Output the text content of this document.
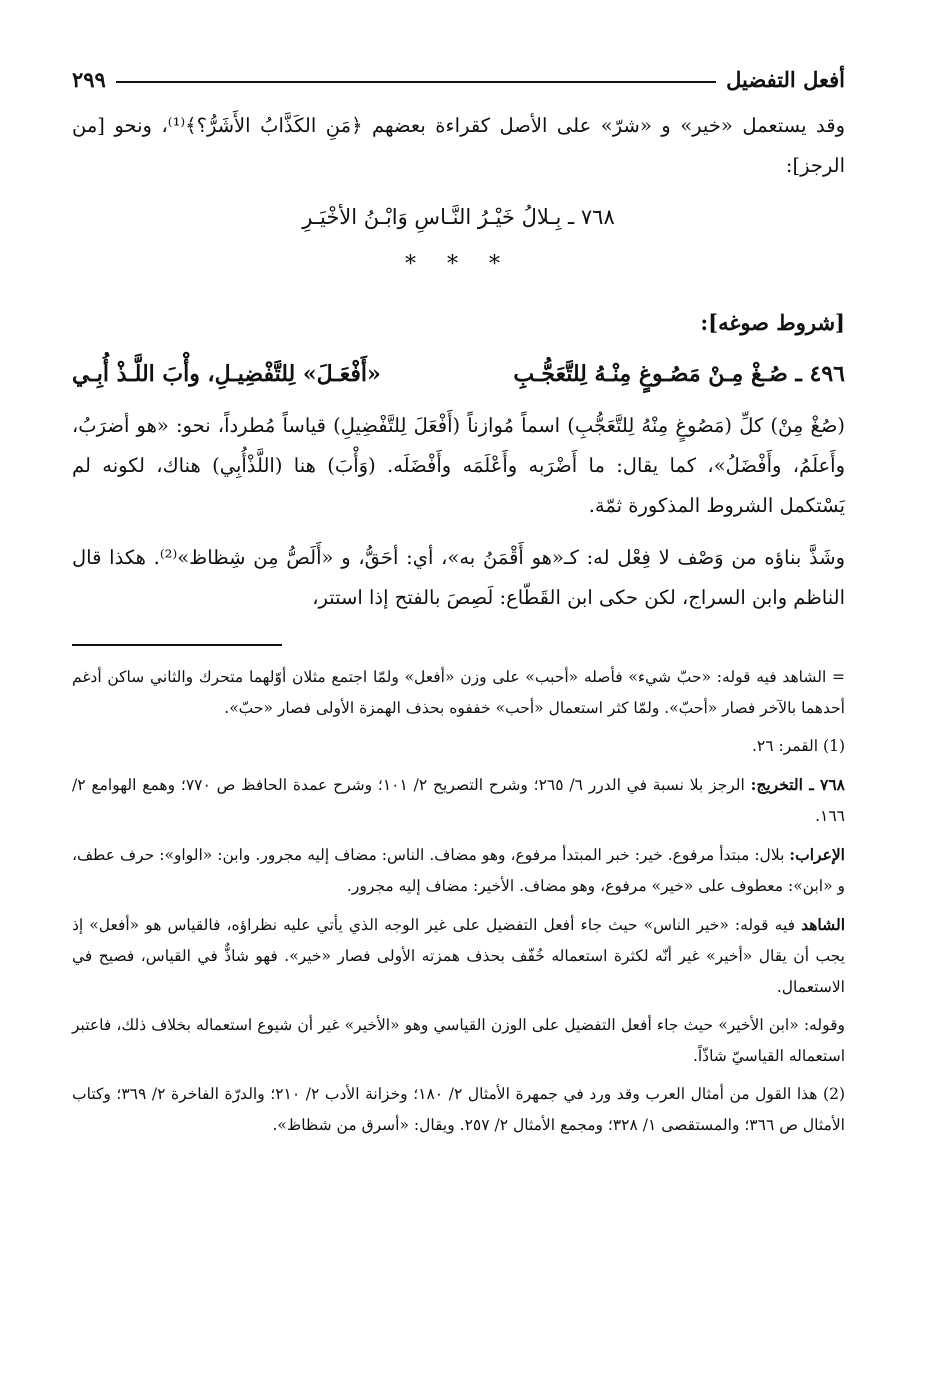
أفعل التفضيل
٢٩٩

وقد يستعمل «خير» و «شرّ» على الأصل كقراءة بعضهم ﴿مَنِ الكَذَّابُ الأَشَرُّ؟﴾⁽¹⁾، ونحو [من الرجز]:

٧٦٨ ـ بِـلالُ خَيْـرُ النَّـاسِ وَابْـنُ الأخْيَـرِ

* * *

[شروط صوغه]:

٤٩٦ ـ صُـغْ مِـنْ مَصُـوغٍ مِنْـهُ لِلتَّعَجُّـبِ
«أَفْعَـلَ» لِلتَّفْضِيـلِ، وأْبَ اللَّـذْ أُبِـي

(صُغْ مِنْ) كلِّ (مَصُوغٍ مِنْهُ لِلتَّعَجُّبِ) اسماً مُوازناً (أَفْعَلَ لِلتَّفْضِيلِ) قياساً مُطرداً، نحو: «هو أضرَبُ، وأَعلَمُ، وأَفْضَلُ»، كما يقال: ما أَضْرَبه وأَعْلَمَه وأَفْضَلَه. (وَأْبَ) هنا (اللَّذْأُبِي) هناك، لكونه لم يَسْتكمل الشروط المذكورة ثمّة.

وشَذَّ بناؤه من وَصْف لا فِعْل له: كـ«هو أَقْمَنُ به»، أي: أحَقُّ، و «أَلَصُّ مِن شِظاظ»⁽²⁾. هكذا قال الناظم وابن السراج، لكن حكى ابن القَطّاع: لَصِصَ بالفتح إذا استتر،

= الشاهد فيه قوله: «حبّ شيء» فأصله «أحبب» على وزن «أفعل» ولمّا اجتمع مثلان أوّلهما متحرك والثاني ساكن أدغم أحدهما بالآخر فصار «أحبّ». ولمّا كثر استعمال «أحب» خففوه بحذف الهمزة الأولى فصار «حبّ».

(1) القمر: ٢٦.

٧٦٨ ـ التخريج: الرجز بلا نسبة في الدرر ٦/ ٢٦٥؛ وشرح التصريح ٢/ ١٠١؛ وشرح عمدة الحافظ ص ٧٧٠؛ وهمع الهوامع ٢/ ١٦٦.

الإعراب: بلال: مبتدأ مرفوع. خير: خبر المبتدأ مرفوع، وهو مضاف. الناس: مضاف إليه مجرور. وابن: «الواو»: حرف عطف، و «ابن»: معطوف على «خير» مرفوع، وهو مضاف. الأخير: مضاف إليه مجرور.

الشاهد فيه قوله: «خير الناس» حيث جاء أفعل التفضيل على غير الوجه الذي يأتي عليه نظراؤه، فالقياس هو «أفعل» إذ يجب أن يقال «أخير» غير أنّه لكثرة استعماله خُفّف بحذف همزته الأولى فصار «خير». فهو شاذٌّ في القياس، فصيح في الاستعمال.

وقوله: «ابن الأخير» حيث جاء أفعل التفضيل على الوزن القياسي وهو «الأخير» غير أن شيوع استعماله بخلاف ذلك، فاعتبر استعماله القياسيّ شاذّاً.

(2) هذا القول من أمثال العرب وقد ورد في جمهرة الأمثال ٢/ ١٨٠؛ وخزانة الأدب ٢/ ٢١٠؛ والدرّة الفاخرة ٢/ ٣٦٩؛ وكتاب الأمثال ص ٣٦٦؛ والمستقصى ١/ ٣٢٨؛ ومجمع الأمثال ٢/ ٢٥٧. ويقال: «أسرق من شظاظ».
